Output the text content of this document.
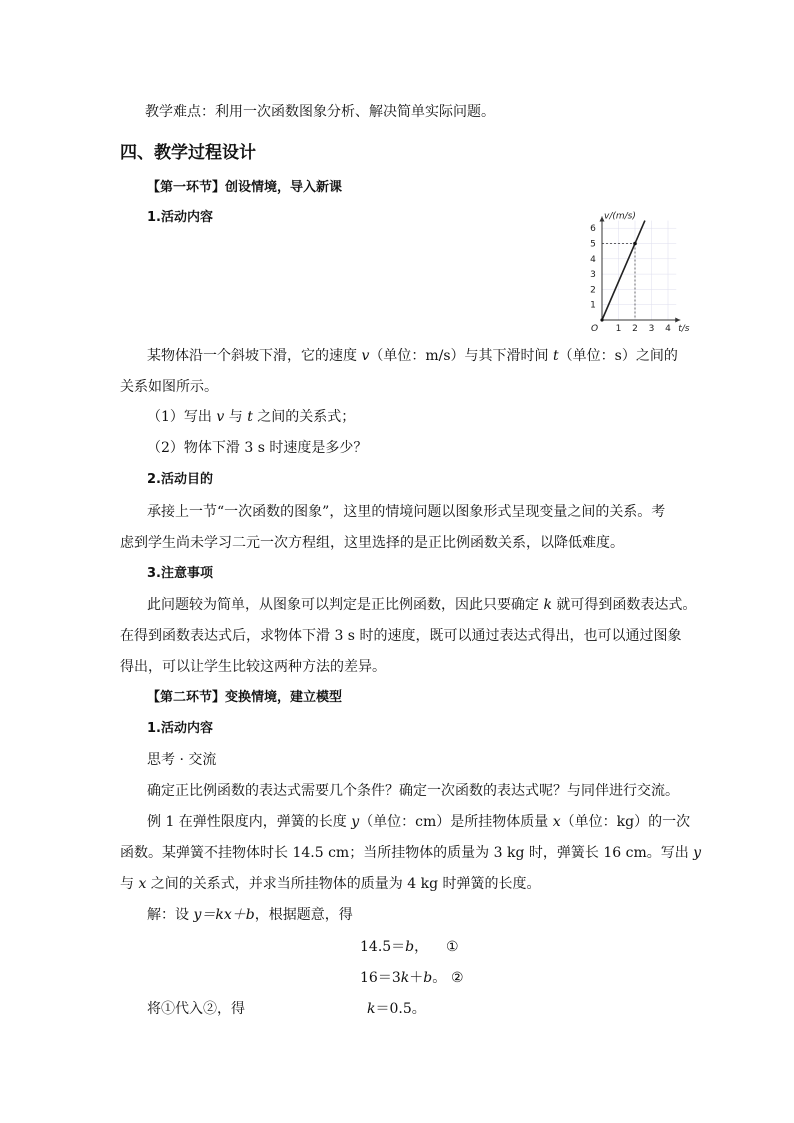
教学难点：利用一次函数图象分析、解决简单实际问题。
四、教学过程设计
【第一环节】创设情境，导入新课
1.活动内容
1
2
3
4
5
6
1 2 3 4
O
v/(m/s)
t/s
某物体沿一个斜坡下滑，它的速度 v（单位：m/s）与其下滑时间 t（单位：s）之间的
关系如图所示。
（1）写出 v 与 t 之间的关系式；
（2）物体下滑 3 s 时速度是多少？
2.活动目的
承接上一节“一次函数的图象”，这里的情境问题以图象形式呈现变量之间的关系。考
虑到学生尚未学习二元一次方程组，这里选择的是正比例函数关系，以降低难度。
3.注意事项
此问题较为简单，从图象可以判定是正比例函数，因此只要确定 k 就可得到函数表达式。
在得到函数表达式后，求物体下滑 3 s 时的速度，既可以通过表达式得出，也可以通过图象
得出，可以让学生比较这两种方法的差异。
【第二环节】变换情境，建立模型
1.活动内容
思考 · 交流
确定正比例函数的表达式需要几个条件？确定一次函数的表达式呢？与同伴进行交流。
例 1 在弹性限度内，弹簧的长度 y（单位：cm）是所挂物体质量 x（单位：kg）的一次
函数。某弹簧不挂物体时长 14.5 cm；当所挂物体的质量为 3 kg 时，弹簧长 16 cm。写出 y
与 x 之间的关系式，并求当所挂物体的质量为 4 kg 时弹簧的长度。
解：设 y＝kx＋b，根据题意，得
14.5＝b， ①
16＝3k＋b。 ②
将①代入②，得	k＝0.5。
